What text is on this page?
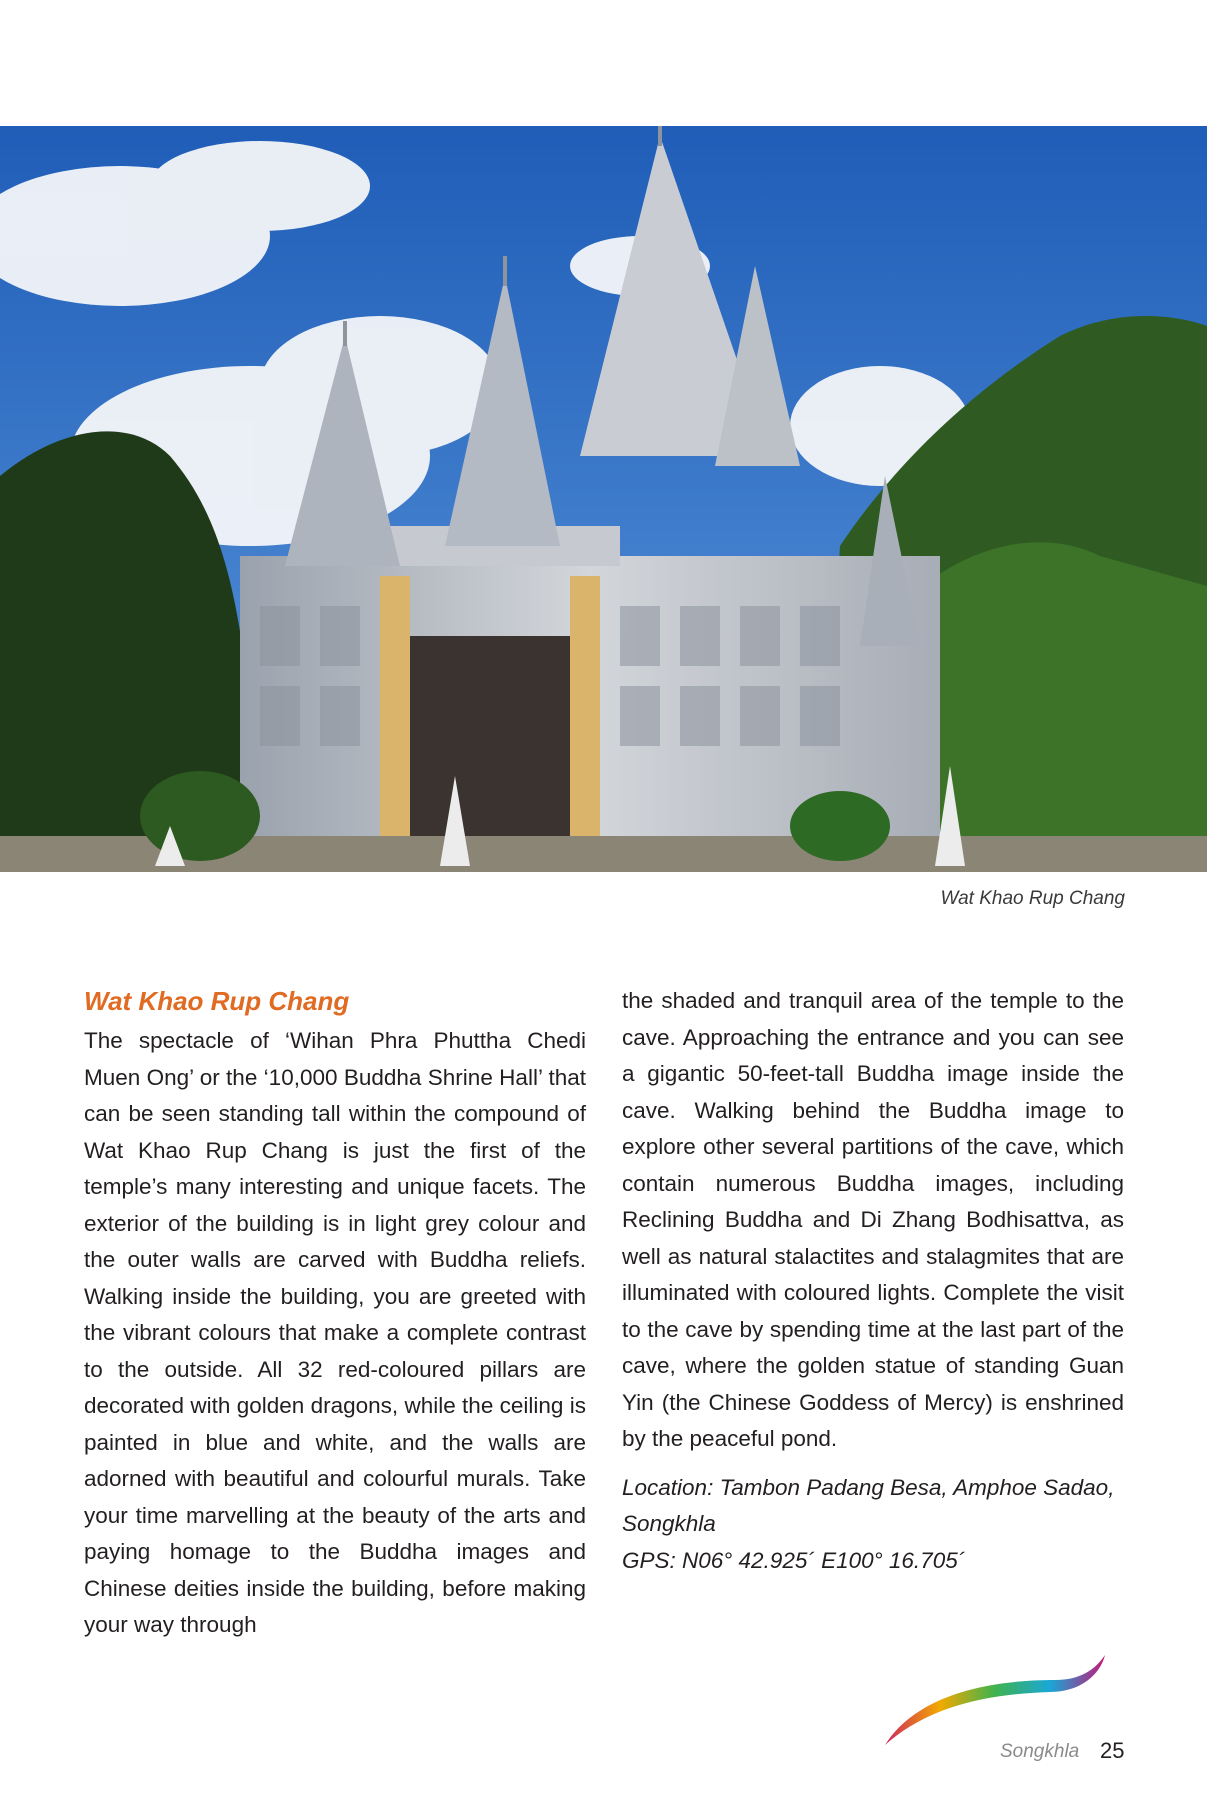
Wat Khao Rup Chang
Wat Khao Rup Chang

The spectacle of ‘Wihan Phra Phuttha Chedi Muen Ong’ or the ‘10,000 Buddha Shrine Hall’ that can be seen standing tall within the compound of Wat Khao Rup Chang is just the first of the temple’s many interesting and unique facets. The exterior of the building is in light grey colour and the outer walls are carved with Buddha reliefs. Walking inside the building, you are greeted with the vibrant colours that make a complete contrast to the outside. All 32 red-coloured pillars are decorated with golden dragons, while the ceiling is painted in blue and white, and the walls are adorned with beautiful and colourful murals. Take your time marvelling at the beauty of the arts and paying homage to the Buddha images and Chinese deities inside the building, before making your way through

the shaded and tranquil area of the temple to the cave. Approaching the entrance and you can see a gigantic 50-feet-tall Buddha image inside the cave. Walking behind the Buddha image to explore other several partitions of the cave, which contain numerous Buddha images, including Reclining Buddha and Di Zhang Bodhisattva, as well as natural stalactites and stalagmites that are illuminated with coloured lights. Complete the visit to the cave by spending time at the last part of the cave, where the golden statue of standing Guan Yin (the Chinese Goddess of Mercy) is enshrined by the peaceful pond.

Location: Tambon Padang Besa, Amphoe Sadao,
Songkhla
GPS: N06° 42.925´ E100° 16.705´
Songkhla 25
